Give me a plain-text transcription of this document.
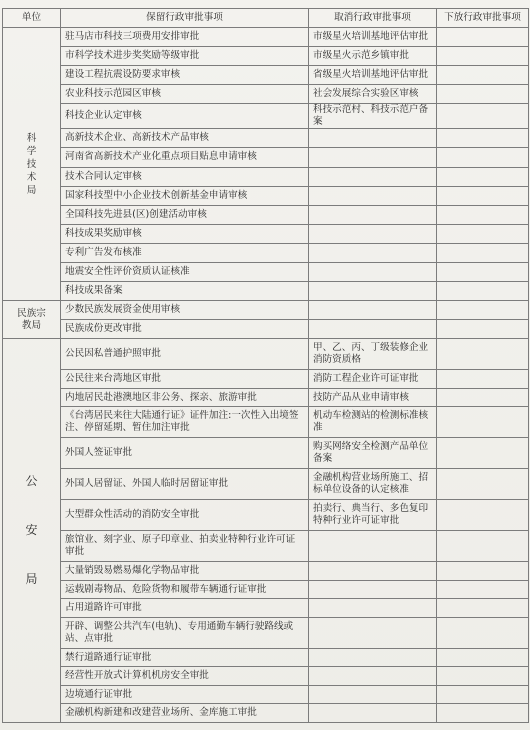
单位	保留行政审批事项	取消行政审批事项	下放行政审批事项

科
学
技
术
局	驻马店市科技三项费用安排审批	市级星火培训基地评估审批	
	市科学技术进步奖奖励等级审批	市级星火示范乡镇审批	
	建设工程抗震设防要求审核	省级星火培训基地评估审批	
	农业科技示范园区审核	社会发展综合实验区审核	
	科技企业认定审核	科技示范村、科技示范户备案	
	高新技术企业、高新技术产品审核		
	河南省高新技术产业化重点项目贴息申请审核		
	技术合同认定审核		
	国家科技型中小企业技术创新基金申请审核		
	全国科技先进县(区)创建活动审核		
	科技成果奖励审核		
	专利广告发布核准		
	地震安全性评价资质认证核准		
	科技成果备案		

民族宗
教局	少数民族发展资金使用审核		
	民族成份更改审批		

公
安
局	公民因私普通护照审批	甲、乙、丙、丁级装修企业消防资质格	
	公民往来台湾地区审批	消防工程企业许可证审批	
	内地居民赴港澳地区非公务、探亲、旅游审批	技防产品从业申请审核	
	《台湾居民来往大陆通行证》证件加注:一次性入出境签注、停留延期、暂住加注审批	机动车检测站的检测标准核准	
	外国人签证审批	购买网络安全检测产品单位备案	
	外国人居留证、外国人临时居留证审批	金融机构营业场所施工、招标单位设备的认定核准	
	大型群众性活动的消防安全审批	拍卖行、典当行、多色复印特种行业许可证审批	
	旅馆业、刻字业、原子印章业、拍卖业特种行业许可证审批		
	大量销毁易燃易爆化学物品审批		
	运载剧毒物品、危险货物和履带车辆通行证审批		
	占用道路许可审批		
	开辟、调整公共汽车(电轨)、专用通勤车辆行驶路线或站、点审批		
	禁行道路通行证审批		
	经营性开放式计算机机房安全审批		
	边境通行证审批		
	金融机构新建和改建营业场所、金库施工审批		
